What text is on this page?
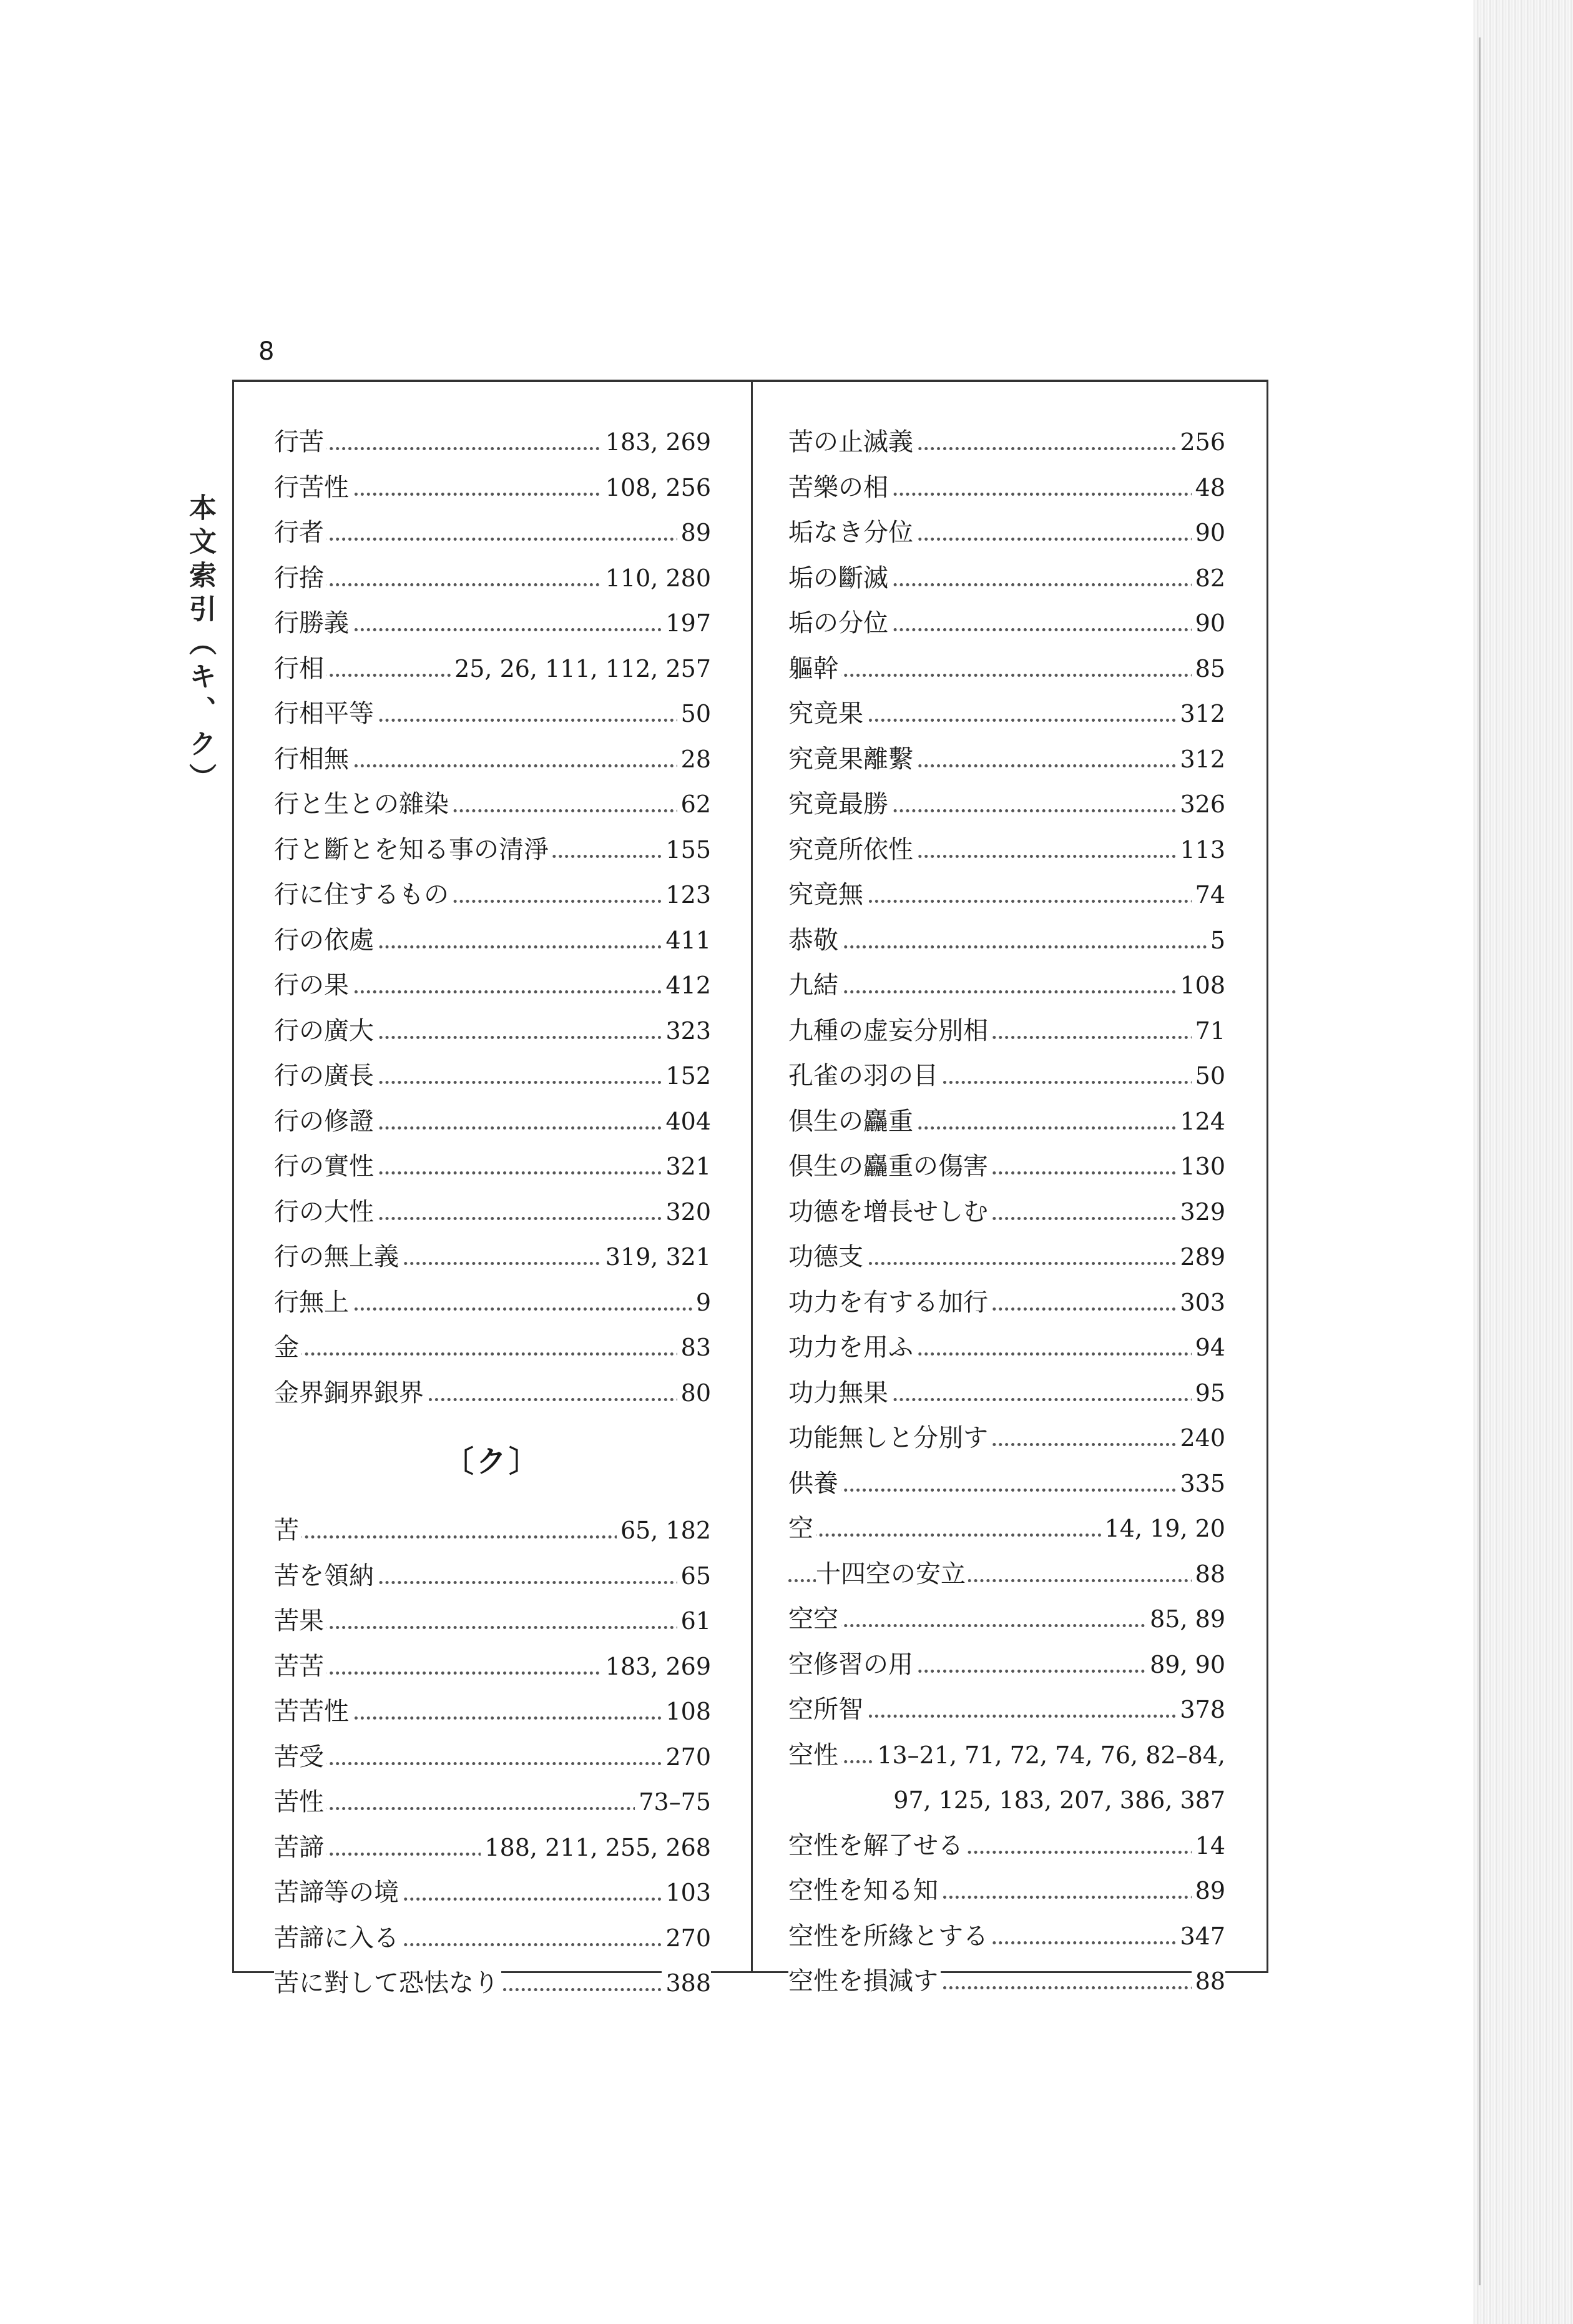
8
本文索引（キ、ク）
行苦	183, 269
行苦性	108, 256
行者	89
行捨	110, 280
行勝義	197
行相	25, 26, 111, 112, 257
行相平等	50
行相無	28
行と生との雜染	62
行と斷とを知る事の清淨	155
行に住するもの	123
行の依處	411
行の果	412
行の廣大	323
行の廣長	152
行の修證	404
行の實性	321
行の大性	320
行の無上義	319, 321
行無上	9
金	83
金界銅界銀界	80
〔ク〕
苦	65, 182
苦を領納	65
苦果	61
苦苦	183, 269
苦苦性	108
苦受	270
苦性	73–75
苦諦	188, 211, 255, 268
苦諦等の境	103
苦諦に入る	270
苦に對して恐怯なり	388
苦の止滅義	256
苦樂の相	48
垢なき分位	90
垢の斷滅	82
垢の分位	90
軀幹	85
究竟果	312
究竟果離繫	312
究竟最勝	326
究竟所依性	113
究竟無	74
恭敬	5
九結	108
九種の虚妄分別相	71
孔雀の羽の目	50
倶生の麤重	124
倶生の麤重の傷害	130
功德を增長せしむ	329
功德支	289
功力を有する加行	303
功力を用ふ	94
功力無果	95
功能無しと分別す	240
供養	335
空	14, 19, 20
十四空の安立	88
空空	85, 89
空修習の用	89, 90
空所智	378
空性 13–21, 71, 72, 74, 76, 82–84,
97, 125, 183, 207, 386, 387
空性を解了せる	14
空性を知る知	89
空性を所緣とする	347
空性を損減す	88
